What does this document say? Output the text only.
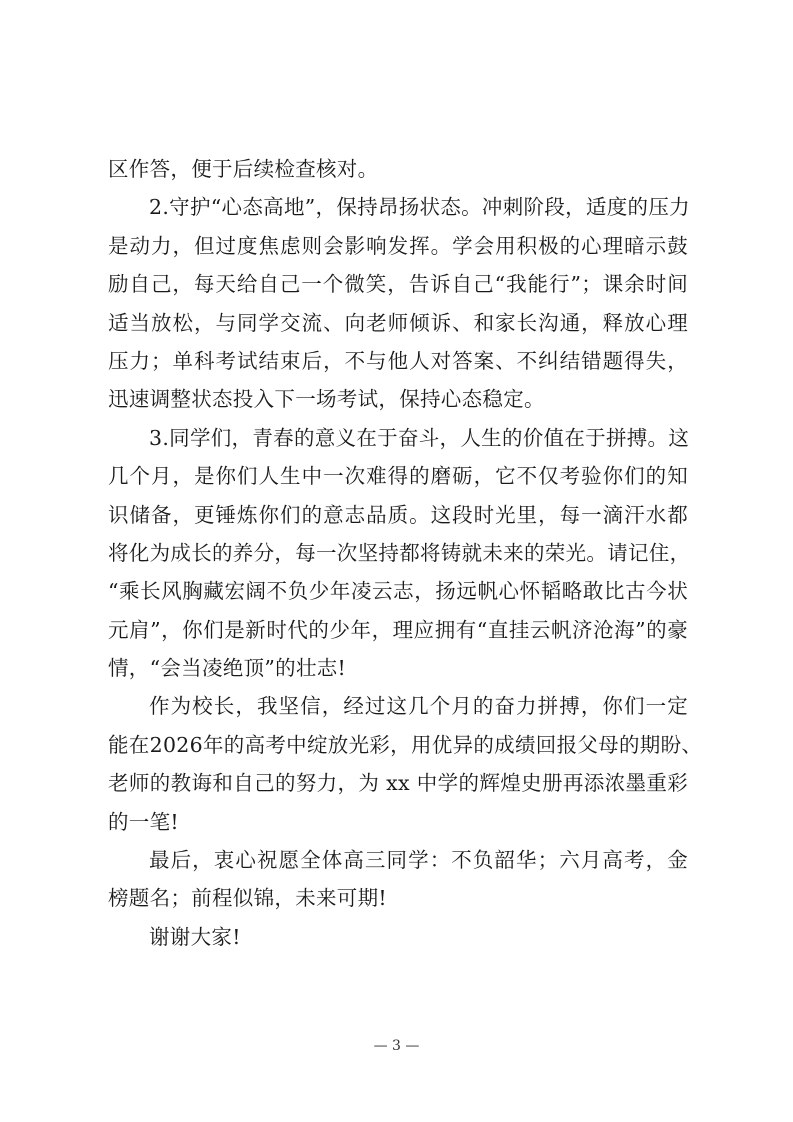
区作答，便于后续检查核对。
2.守护“心态高地”，保持昂扬状态。冲刺阶段，适度的压力
是动力，但过度焦虑则会影响发挥。学会用积极的心理暗示鼓
励自己，每天给自己一个微笑，告诉自己“我能行”；课余时间
适当放松，与同学交流、向老师倾诉、和家长沟通，释放心理
压力；单科考试结束后，不与他人对答案、不纠结错题得失，
迅速调整状态投入下一场考试，保持心态稳定。
3.同学们，青春的意义在于奋斗，人生的价值在于拼搏。这
几个月，是你们人生中一次难得的磨砺，它不仅考验你们的知
识储备，更锤炼你们的意志品质。这段时光里，每一滴汗水都
将化为成长的养分，每一次坚持都将铸就未来的荣光。请记住，
“乘长风胸藏宏阔不负少年凌云志，扬远帆心怀韬略敢比古今状
元肩”，你们是新时代的少年，理应拥有“直挂云帆济沧海”的豪
情，“会当凌绝顶”的壮志!
作为校长，我坚信，经过这几个月的奋力拼搏，你们一定
能在2026年的高考中绽放光彩，用优异的成绩回报父母的期盼、
老师的教诲和自己的努力，为 xx 中学的辉煌史册再添浓墨重彩
的一笔!
最后，衷心祝愿全体高三同学：不负韶华；六月高考，金
榜题名；前程似锦，未来可期!
谢谢大家!
— 3 —
